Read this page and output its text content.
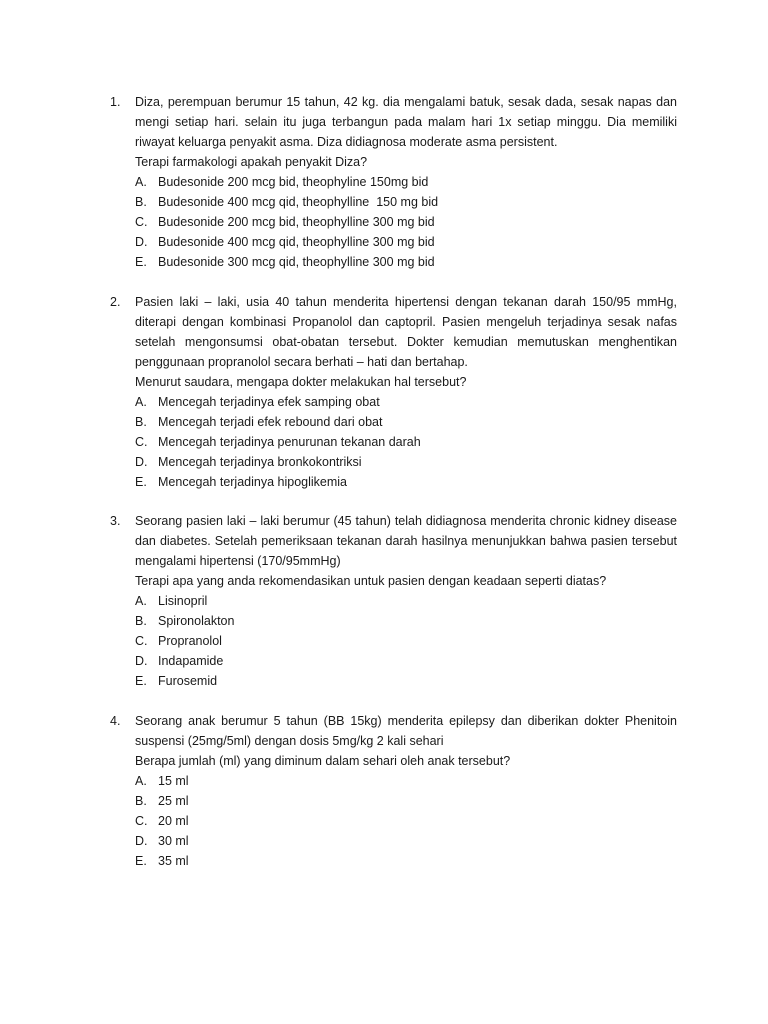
1.	Diza, perempuan berumur 15 tahun, 42 kg. dia mengalami batuk, sesak dada, sesak napas dan mengi setiap hari. selain itu juga terbangun pada malam hari 1x setiap minggu. Dia memiliki riwayat keluarga penyakit asma. Diza didiagnosa moderate asma persistent.

Terapi farmakologi apakah penyakit Diza?

A. Budesonide 200 mcg bid, theophyline 150mg bid
B. Budesonide 400 mcg qid, theophylline  150 mg bid
C. Budesonide 200 mcg bid, theophylline 300 mg bid
D. Budesonide 400 mcg qid, theophylline 300 mg bid
E. Budesonide 300 mcg qid, theophylline 300 mg bid
2.	Pasien laki – laki, usia 40 tahun menderita hipertensi dengan tekanan darah 150/95 mmHg, diterapi dengan kombinasi Propanolol dan captopril. Pasien mengeluh terjadinya sesak nafas setelah mengonsumsi obat-obatan tersebut. Dokter kemudian memutuskan menghentikan penggunaan propranolol secara berhati – hati dan bertahap.

Menurut saudara, mengapa dokter melakukan hal tersebut?

A. Mencegah terjadinya efek samping obat
B. Mencegah terjadi efek rebound dari obat
C. Mencegah terjadinya penurunan tekanan darah
D. Mencegah terjadinya bronkokontriksi
E. Mencegah terjadinya hipoglikemia
3.	Seorang pasien laki – laki berumur (45 tahun) telah didiagnosa menderita chronic kidney disease dan diabetes. Setelah pemeriksaan tekanan darah hasilnya menunjukkan bahwa pasien tersebut mengalami hipertensi (170/95mmHg)

Terapi apa yang anda rekomendasikan untuk pasien dengan keadaan seperti diatas?

A. Lisinopril
B. Spironolakton
C. Propranolol
D. Indapamide
E. Furosemid
4.	Seorang anak berumur 5 tahun (BB 15kg) menderita epilepsy dan diberikan dokter Phenitoin suspensi (25mg/5ml) dengan dosis 5mg/kg 2 kali sehari

Berapa jumlah (ml) yang diminum dalam sehari oleh anak tersebut?

A. 15 ml
B. 25 ml
C. 20 ml
D. 30 ml
E. 35 ml
